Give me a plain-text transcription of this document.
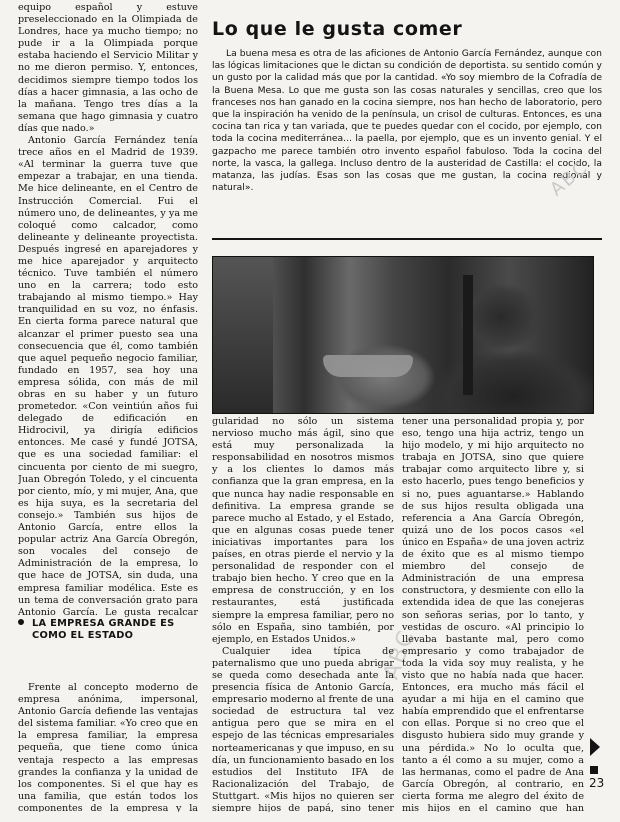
equipo español y estuve preseleccionado en la Olimpiada de Londres, hace ya mucho tiempo; no pude ir a la Olimpiada porque estaba haciendo el Servicio Militar y no me dieron permiso. Y, entonces, decidimos siempre tiempo todos los días a hacer gimnasia, a las ocho de la mañana. Tengo tres días a la semana que hago gimnasia y cuatro días que nado.»

Antonio García Fernández tenía trece años en el Madrid de 1939. «Al terminar la guerra tuve que empezar a trabajar, en una tienda. Me hice delineante, en el Centro de Instrucción Comercial. Fui el número uno, de delineantes, y ya me coloqué como calcador, como delineante y delineante proyectista. Después ingresé en aparejadores y me hice aparejador y arquitecto técnico. Tuve también el número uno en la carrera; todo esto trabajando al mismo tiempo.» Hay tranquilidad en su voz, no énfasis. En cierta forma parece natural que alcanzar el primer puesto sea una consecuencia que él, como también que aquel pequeño negocio familiar, fundado en 1957, sea hoy una empresa sólida, con más de mil obras en su haber y un futuro prometedor. «Con veintiún años fui delegado de edificación en Hidrocivil, ya dirigía edificios entonces. Me casé y fundé JOTSA, que es una sociedad familiar: el cincuenta por ciento de mi suegro, Juan Obregón Toledo, y el cincuenta por ciento, mío, y mi mujer, Ana, que es hija suya, es la secretaria del consejo.» También sus hijos de Antonio García, entre ellos la popular actriz Ana García Obregón, son vocales del consejo de Administración de la empresa, lo que hace de JOTSA, sin duda, una empresa familiar modélica. Este es un tema de conversación grato para Antonio García. Le gusta recalcar

LA EMPRESA GRANDE ES
COMO EL ESTADO

Frente al concepto moderno de empresa anónima, impersonal, Antonio García defiende las ventajas del sistema familiar. «Yo creo que en la empresa familiar, la empresa pequeña, que tiene como única ventaja respecto a las empresas grandes la confianza y la unidad de los componentes. Si el que hay es una familia, que están todos los componentes de la empresa y la

Lo que le gusta comer

La buena mesa es otra de las aficiones de Antonio García Fernández, aunque con las lógicas limitaciones que le dictan su condición de deportista. su sentido común y un gusto por la calidad más que por la cantidad. «Yo soy miembro de la Cofradía de la Buena Mesa. Lo que me gusta son las cosas naturales y sencillas, creo que los franceses nos han ganado en la cocina siempre, nos han hecho de laboratorio, pero que la inspiración ha venido de la península, un crisol de culturas. Entonces, es una cocina tan rica y tan variada, que te puedes quedar con el cocido, por ejemplo, con toda la cocina mediterránea... la paella, por ejemplo, que es un invento genial. Y el gazpacho me parece también otro invento español fabuloso. Toda la cocina del norte, la vasca, la gallega. Incluso dentro de la austeridad de Castilla: el cocido, la matanza, las judías. Esas son las cosas que me gustan, la cocina regional y natural».	ABC
ABC

gularidad no sólo un sistema nervioso mucho más ágil, sino que está muy personalizada la responsabilidad en nosotros mismos y a los clientes lo damos más confianza que la gran empresa, en la que nunca hay nadie responsable en definitiva. La empresa grande se parece mucho al Estado, y el Estado, que en algunas cosas puede tener iniciativas importantes para los países, en otras pierde el nervio y la personalidad de responder con el trabajo bien hecho. Y creo que en la empresa de construcción, y en los restaurantes, está justificada siempre la empresa familiar, pero no sólo en España, sino también, por ejemplo, en Estados Unidos.»

Cualquier idea típica de paternalismo que uno pueda abrigar se queda como desechada ante la presencia física de Antonio García, empresario moderno al frente de una sociedad de estructura tal vez antigua pero que se mira en el espejo de las técnicas empresariales norteamericanas y que impuso, en su día, un funcionamiento basado en los estudios del Instituto IFA de Racionalización del Trabajo, de Stuttgart. «Mis hijos no quieren ser siempre hijos de papá, sino tener

tener una personalidad propia y, por eso, tengo una hija actriz, tengo un hijo modelo, y mi hijo arquitecto no trabaja en JOTSA, sino que quiere trabajar como arquitecto libre y, si esto hacerlo, pues tengo beneficios y si no, pues aguantarse.» Hablando de sus hijos resulta obligada una referencia a Ana García Obregón, quizá uno de los pocos casos «el único en España» de una joven actriz de éxito que es al mismo tiempo miembro del consejo de Administración de una empresa constructora, y desmiente con ello la extendida idea de que las conejeras son señoras serias, por lo tanto, y vestidas de oscuro. «Al principio lo llevaba bastante mal, pero como empresario y como trabajador de toda la vida soy muy realista, y he visto que no había nada que hacer. Entonces, era mucho más fácil el ayudar a mi hija en el camino que había emprendido que el enfrentarse con ellas. Porque si no creo que el disgusto hubiera sido muy grande y una pérdida.» No lo oculta que, tanto a él como a su mujer, como a las hermanas, como el padre de Ana García Obregón, al contrario, en cierta forma me alegro del éxito de mis hijos en el camino que han

23
